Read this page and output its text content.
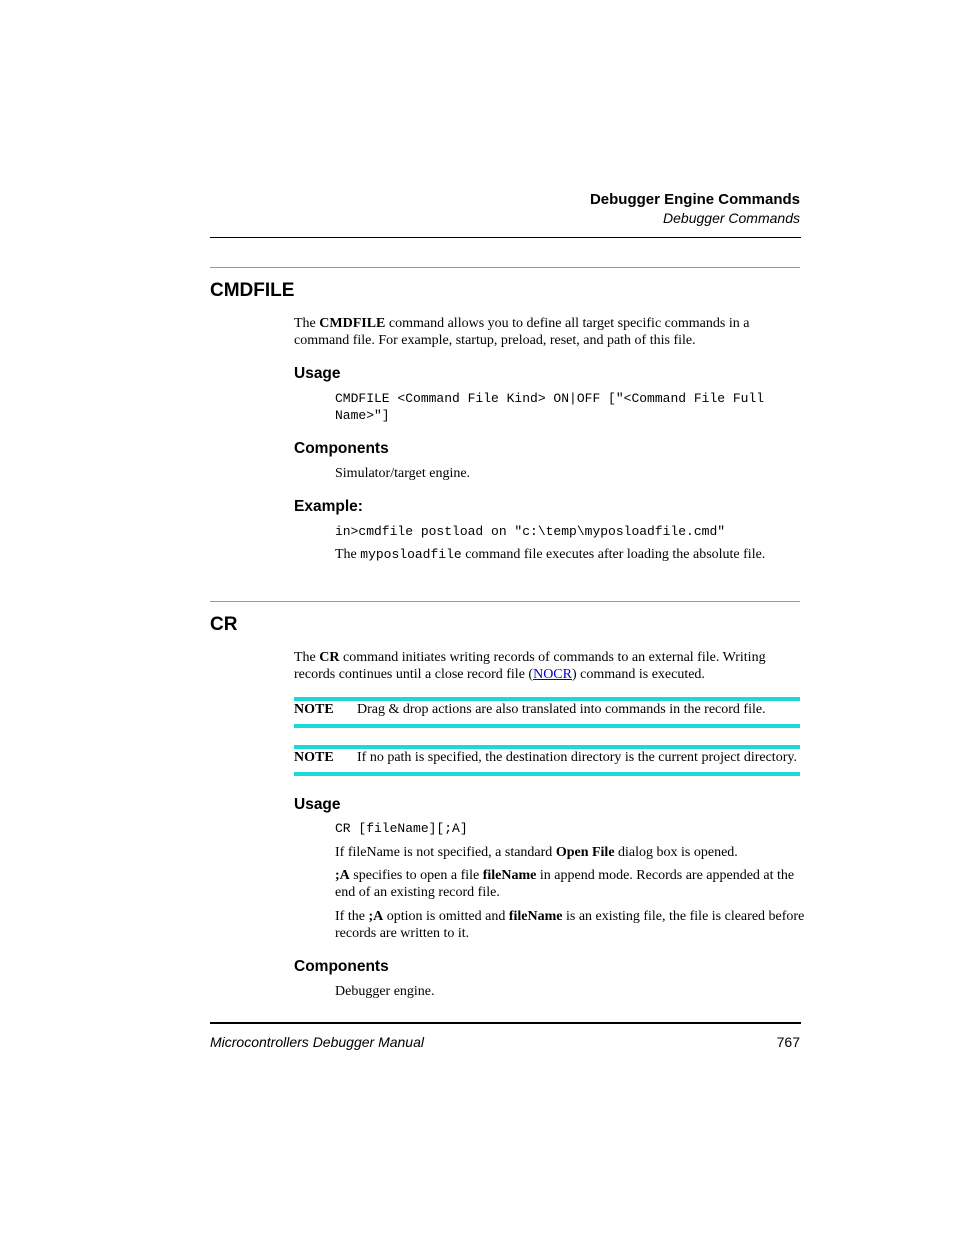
Debugger Engine Commands
Debugger Commands
CMDFILE
The CMDFILE command allows you to define all target specific commands in a command file. For example, startup, preload, reset, and path of this file.
Usage
CMDFILE <Command File Kind> ON|OFF ["<Command File Full
Name>"]
Components
Simulator/target engine.
Example:
in>cmdfile postload on "c:\temp\myposloadfile.cmd"
The myposloadfile command file executes after loading the absolute file.
CR
The CR command initiates writing records of commands to an external file. Writing records continues until a close record file (NOCR) command is executed.
NOTE Drag & drop actions are also translated into commands in the record file.
NOTE If no path is specified, the destination directory is the current project directory.
Usage
CR [fileName][;A]
If fileName is not specified, a standard Open File dialog box is opened.
;A specifies to open a file fileName in append mode. Records are appended at the end of an existing record file.
If the ;A option is omitted and fileName is an existing file, the file is cleared before records are written to it.
Components
Debugger engine.
Microcontrollers Debugger Manual	767
